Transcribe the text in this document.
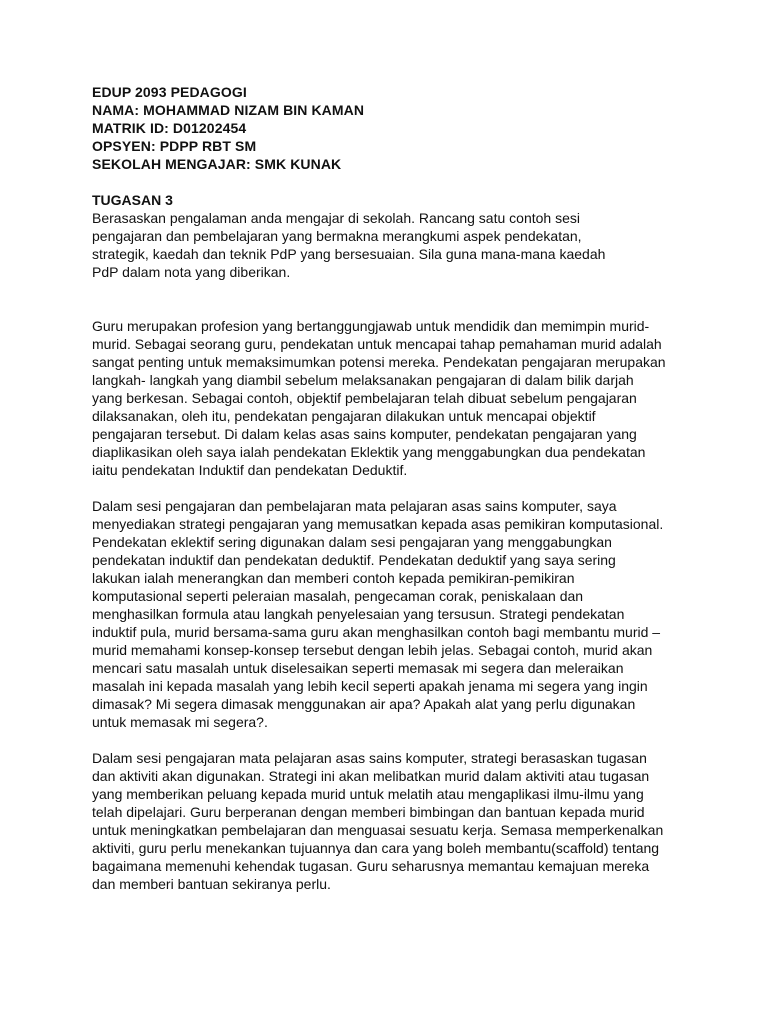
EDUP 2093 PEDAGOGI
NAMA: MOHAMMAD NIZAM BIN KAMAN
MATRIK ID: D01202454
OPSYEN: PDPP RBT SM
SEKOLAH MENGAJAR: SMK KUNAK
TUGASAN 3
Berasaskan pengalaman anda mengajar di sekolah. Rancang satu contoh sesi
pengajaran dan pembelajaran yang bermakna merangkumi aspek pendekatan,
strategik, kaedah dan teknik PdP yang bersesuaian. Sila guna mana-mana kaedah
PdP dalam nota yang diberikan.
Guru merupakan profesion yang bertanggungjawab untuk mendidik dan memimpin murid-
murid. Sebagai seorang guru, pendekatan untuk mencapai tahap pemahaman murid adalah
sangat penting untuk memaksimumkan potensi mereka. Pendekatan pengajaran merupakan
langkah- langkah yang diambil sebelum melaksanakan pengajaran di dalam bilik darjah
yang berkesan. Sebagai contoh, objektif pembelajaran telah dibuat sebelum pengajaran
dilaksanakan, oleh itu, pendekatan pengajaran dilakukan untuk mencapai objektif
pengajaran tersebut. Di dalam kelas asas sains komputer, pendekatan pengajaran yang
diaplikasikan oleh saya ialah pendekatan Eklektik yang menggabungkan dua pendekatan
iaitu pendekatan Induktif dan pendekatan Deduktif.
Dalam sesi pengajaran dan pembelajaran mata pelajaran asas sains komputer, saya
menyediakan strategi pengajaran yang memusatkan kepada asas pemikiran komputasional.
Pendekatan eklektif sering digunakan dalam sesi pengajaran yang menggabungkan
pendekatan induktif dan pendekatan deduktif. Pendekatan deduktif yang saya sering
lakukan ialah menerangkan dan memberi contoh kepada pemikiran-pemikiran
komputasional seperti peleraian masalah, pengecaman corak, peniskalaan dan
menghasilkan formula atau langkah penyelesaian yang tersusun. Strategi pendekatan
induktif pula, murid bersama-sama guru akan menghasilkan contoh bagi membantu murid –
murid memahami konsep-konsep tersebut dengan lebih jelas. Sebagai contoh, murid akan
mencari satu masalah untuk diselesaikan seperti memasak mi segera dan meleraikan
masalah ini kepada masalah yang lebih kecil seperti apakah jenama mi segera yang ingin
dimasak? Mi segera dimasak menggunakan air apa? Apakah alat yang perlu digunakan
untuk memasak mi segera?.
Dalam sesi pengajaran mata pelajaran asas sains komputer, strategi berasaskan tugasan
dan aktiviti akan digunakan. Strategi ini akan melibatkan murid dalam aktiviti atau tugasan
yang memberikan peluang kepada murid untuk melatih atau mengaplikasi ilmu-ilmu yang
telah dipelajari. Guru berperanan dengan memberi bimbingan dan bantuan kepada murid
untuk meningkatkan pembelajaran dan menguasai sesuatu kerja. Semasa memperkenalkan
aktiviti, guru perlu menekankan tujuannya dan cara yang boleh membantu(scaffold) tentang
bagaimana memenuhi kehendak tugasan. Guru seharusnya memantau kemajuan mereka
dan memberi bantuan sekiranya perlu.
